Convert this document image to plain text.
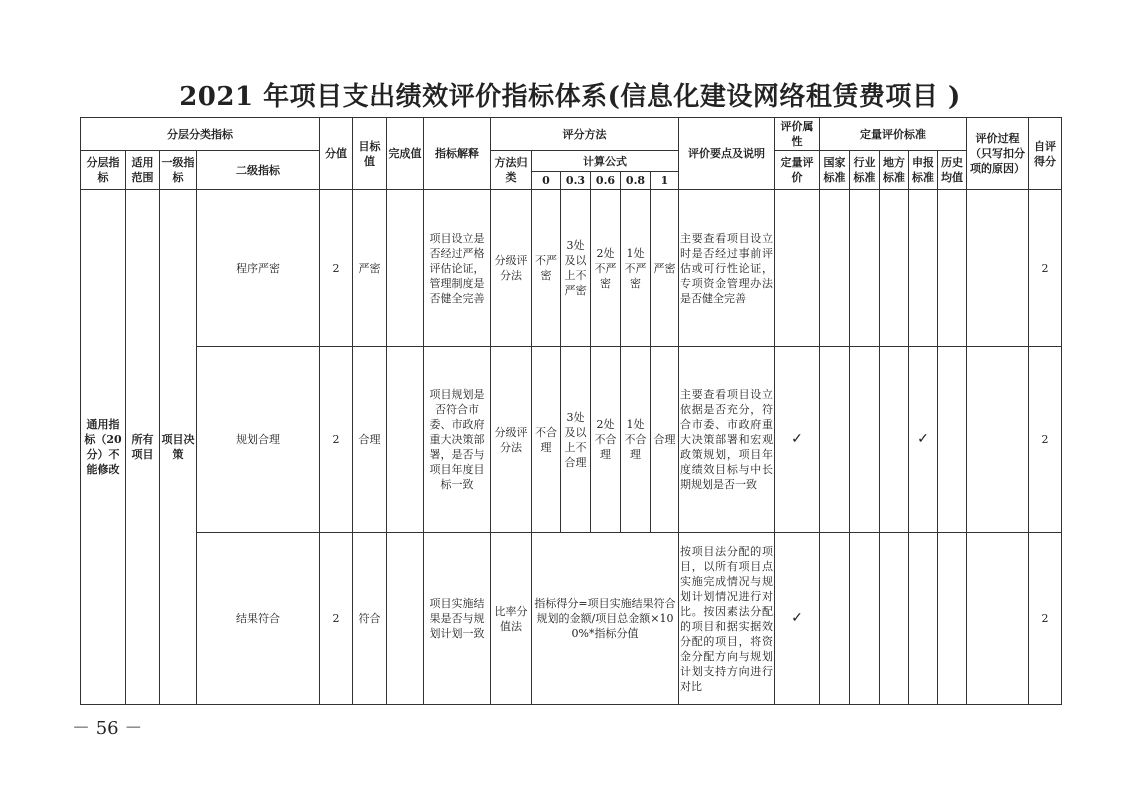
2021 年项目支出绩效评价指标体系(信息化建设网络租赁费项目 )
分层分类指标				分值	目标值	完成值	指标解释	评分方法						评价要点及说明	评价属性	定量评价标准					评价过程（只写扣分项的原因）	自评得分
分层指标	适用范围	一级指标	二级指标					方法归类	计算公式						定量评价	国家标准	行业标准	地方标准	申报标准	历史均值		
									0	0.3	0.6	0.8	1									
通用指标（20分）不能修改	所有项目	项目决策	程序严密	2	严密		项目设立是否经过严格评估论证，管理制度是否健全完善	分级评分法	不严密	3处及以上不严密	2处不严密	1处不严密	严密	主要查看项目设立时是否经过事前评估或可行性论证，专项资金管理办法是否健全完善								2
			规划合理	2	合理		项目规划是否符合市委、市政府重大决策部署，是否与项目年度目标一致	分级评分法	不合理	3处及以上不合理	2处不合理	1处不合理	合理	主要查看项目设立依据是否充分，符合市委、市政府重大决策部署和宏观政策规划，项目年度绩效目标与中长期规划是否一致	✓				✓			2
			结果符合	2	符合		项目实施结果是否与规划计划一致	比率分值法	指标得分=项目实施结果符合规划的金额/项目总金额×100%*指标分值					按项目法分配的项目，以所有项目点实施完成情况与规划计划情况进行对比。按因素法分配的项目和据实据效分配的项目，将资金分配方向与规划计划支持方向进行对比	✓							2
－ 56 －
